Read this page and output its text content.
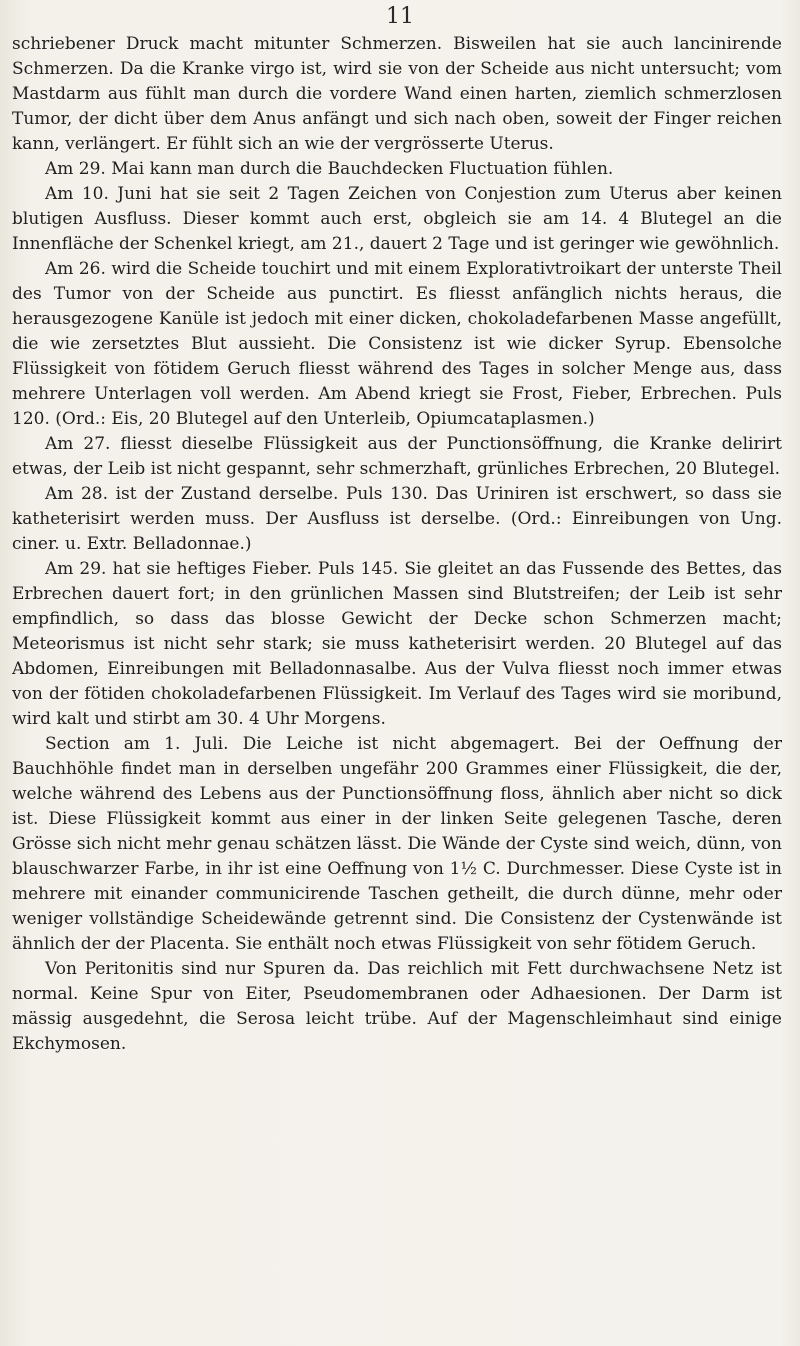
11

schriebener Druck macht mitunter Schmerzen. Bisweilen hat sie auch lancinirende Schmerzen. Da die Kranke virgo ist, wird sie von der Scheide aus nicht untersucht; vom Mastdarm aus fühlt man durch die vordere Wand einen harten, ziemlich schmerzlosen Tumor, der dicht über dem Anus anfängt und sich nach oben, soweit der Finger reichen kann, verlängert. Er fühlt sich an wie der vergrösserte Uterus.

Am 29. Mai kann man durch die Bauchdecken Fluctuation fühlen.

Am 10. Juni hat sie seit 2 Tagen Zeichen von Conjestion zum Uterus aber keinen blutigen Ausfluss. Dieser kommt auch erst, obgleich sie am 14. 4 Blutegel an die Innenfläche der Schenkel kriegt, am 21., dauert 2 Tage und ist geringer wie gewöhnlich.

Am 26. wird die Scheide touchirt und mit einem Explorativtroikart der unterste Theil des Tumor von der Scheide aus punctirt. Es fliesst anfänglich nichts heraus, die herausgezogene Kanüle ist jedoch mit einer dicken, chokoladefarbenen Masse angefüllt, die wie zersetztes Blut aussieht. Die Consistenz ist wie dicker Syrup. Ebensolche Flüssigkeit von fötidem Geruch fliesst während des Tages in solcher Menge aus, dass mehrere Unterlagen voll werden. Am Abend kriegt sie Frost, Fieber, Erbrechen. Puls 120. (Ord.: Eis, 20 Blutegel auf den Unterleib, Opiumcataplasmen.)

Am 27. fliesst dieselbe Flüssigkeit aus der Punctionsöffnung, die Kranke delirirt etwas, der Leib ist nicht gespannt, sehr schmerzhaft, grünliches Erbrechen, 20 Blutegel.

Am 28. ist der Zustand derselbe. Puls 130. Das Uriniren ist erschwert, so dass sie katheterisirt werden muss. Der Ausfluss ist derselbe. (Ord.: Einreibungen von Ung. ciner. u. Extr. Belladonnae.)

Am 29. hat sie heftiges Fieber. Puls 145. Sie gleitet an das Fussende des Bettes, das Erbrechen dauert fort; in den grünlichen Massen sind Blutstreifen; der Leib ist sehr empfindlich, so dass das blosse Gewicht der Decke schon Schmerzen macht; Meteorismus ist nicht sehr stark; sie muss katheterisirt werden. 20 Blutegel auf das Abdomen, Einreibungen mit Belladonnasalbe. Aus der Vulva fliesst noch immer etwas von der fötiden chokoladefarbenen Flüssigkeit. Im Verlauf des Tages wird sie moribund, wird kalt und stirbt am 30. 4 Uhr Morgens.

Section am 1. Juli. Die Leiche ist nicht abgemagert. Bei der Oeffnung der Bauchhöhle findet man in derselben ungefähr 200 Grammes einer Flüssigkeit, die der, welche während des Lebens aus der Punctionsöffnung floss, ähnlich aber nicht so dick ist. Diese Flüssigkeit kommt aus einer in der linken Seite gelegenen Tasche, deren Grösse sich nicht mehr genau schätzen lässt. Die Wände der Cyste sind weich, dünn, von blauschwarzer Farbe, in ihr ist eine Oeffnung von 1½ C. Durchmesser. Diese Cyste ist in mehrere mit einander communicirende Taschen getheilt, die durch dünne, mehr oder weniger vollständige Scheidewände getrennt sind. Die Consistenz der Cystenwände ist ähnlich der der Placenta. Sie enthält noch etwas Flüssigkeit von sehr fötidem Geruch.

Von Peritonitis sind nur Spuren da. Das reichlich mit Fett durchwachsene Netz ist normal. Keine Spur von Eiter, Pseudomembranen oder Adhaesionen. Der Darm ist mässig ausgedehnt, die Serosa leicht trübe. Auf der Magenschleimhaut sind einige Ekchymosen.
